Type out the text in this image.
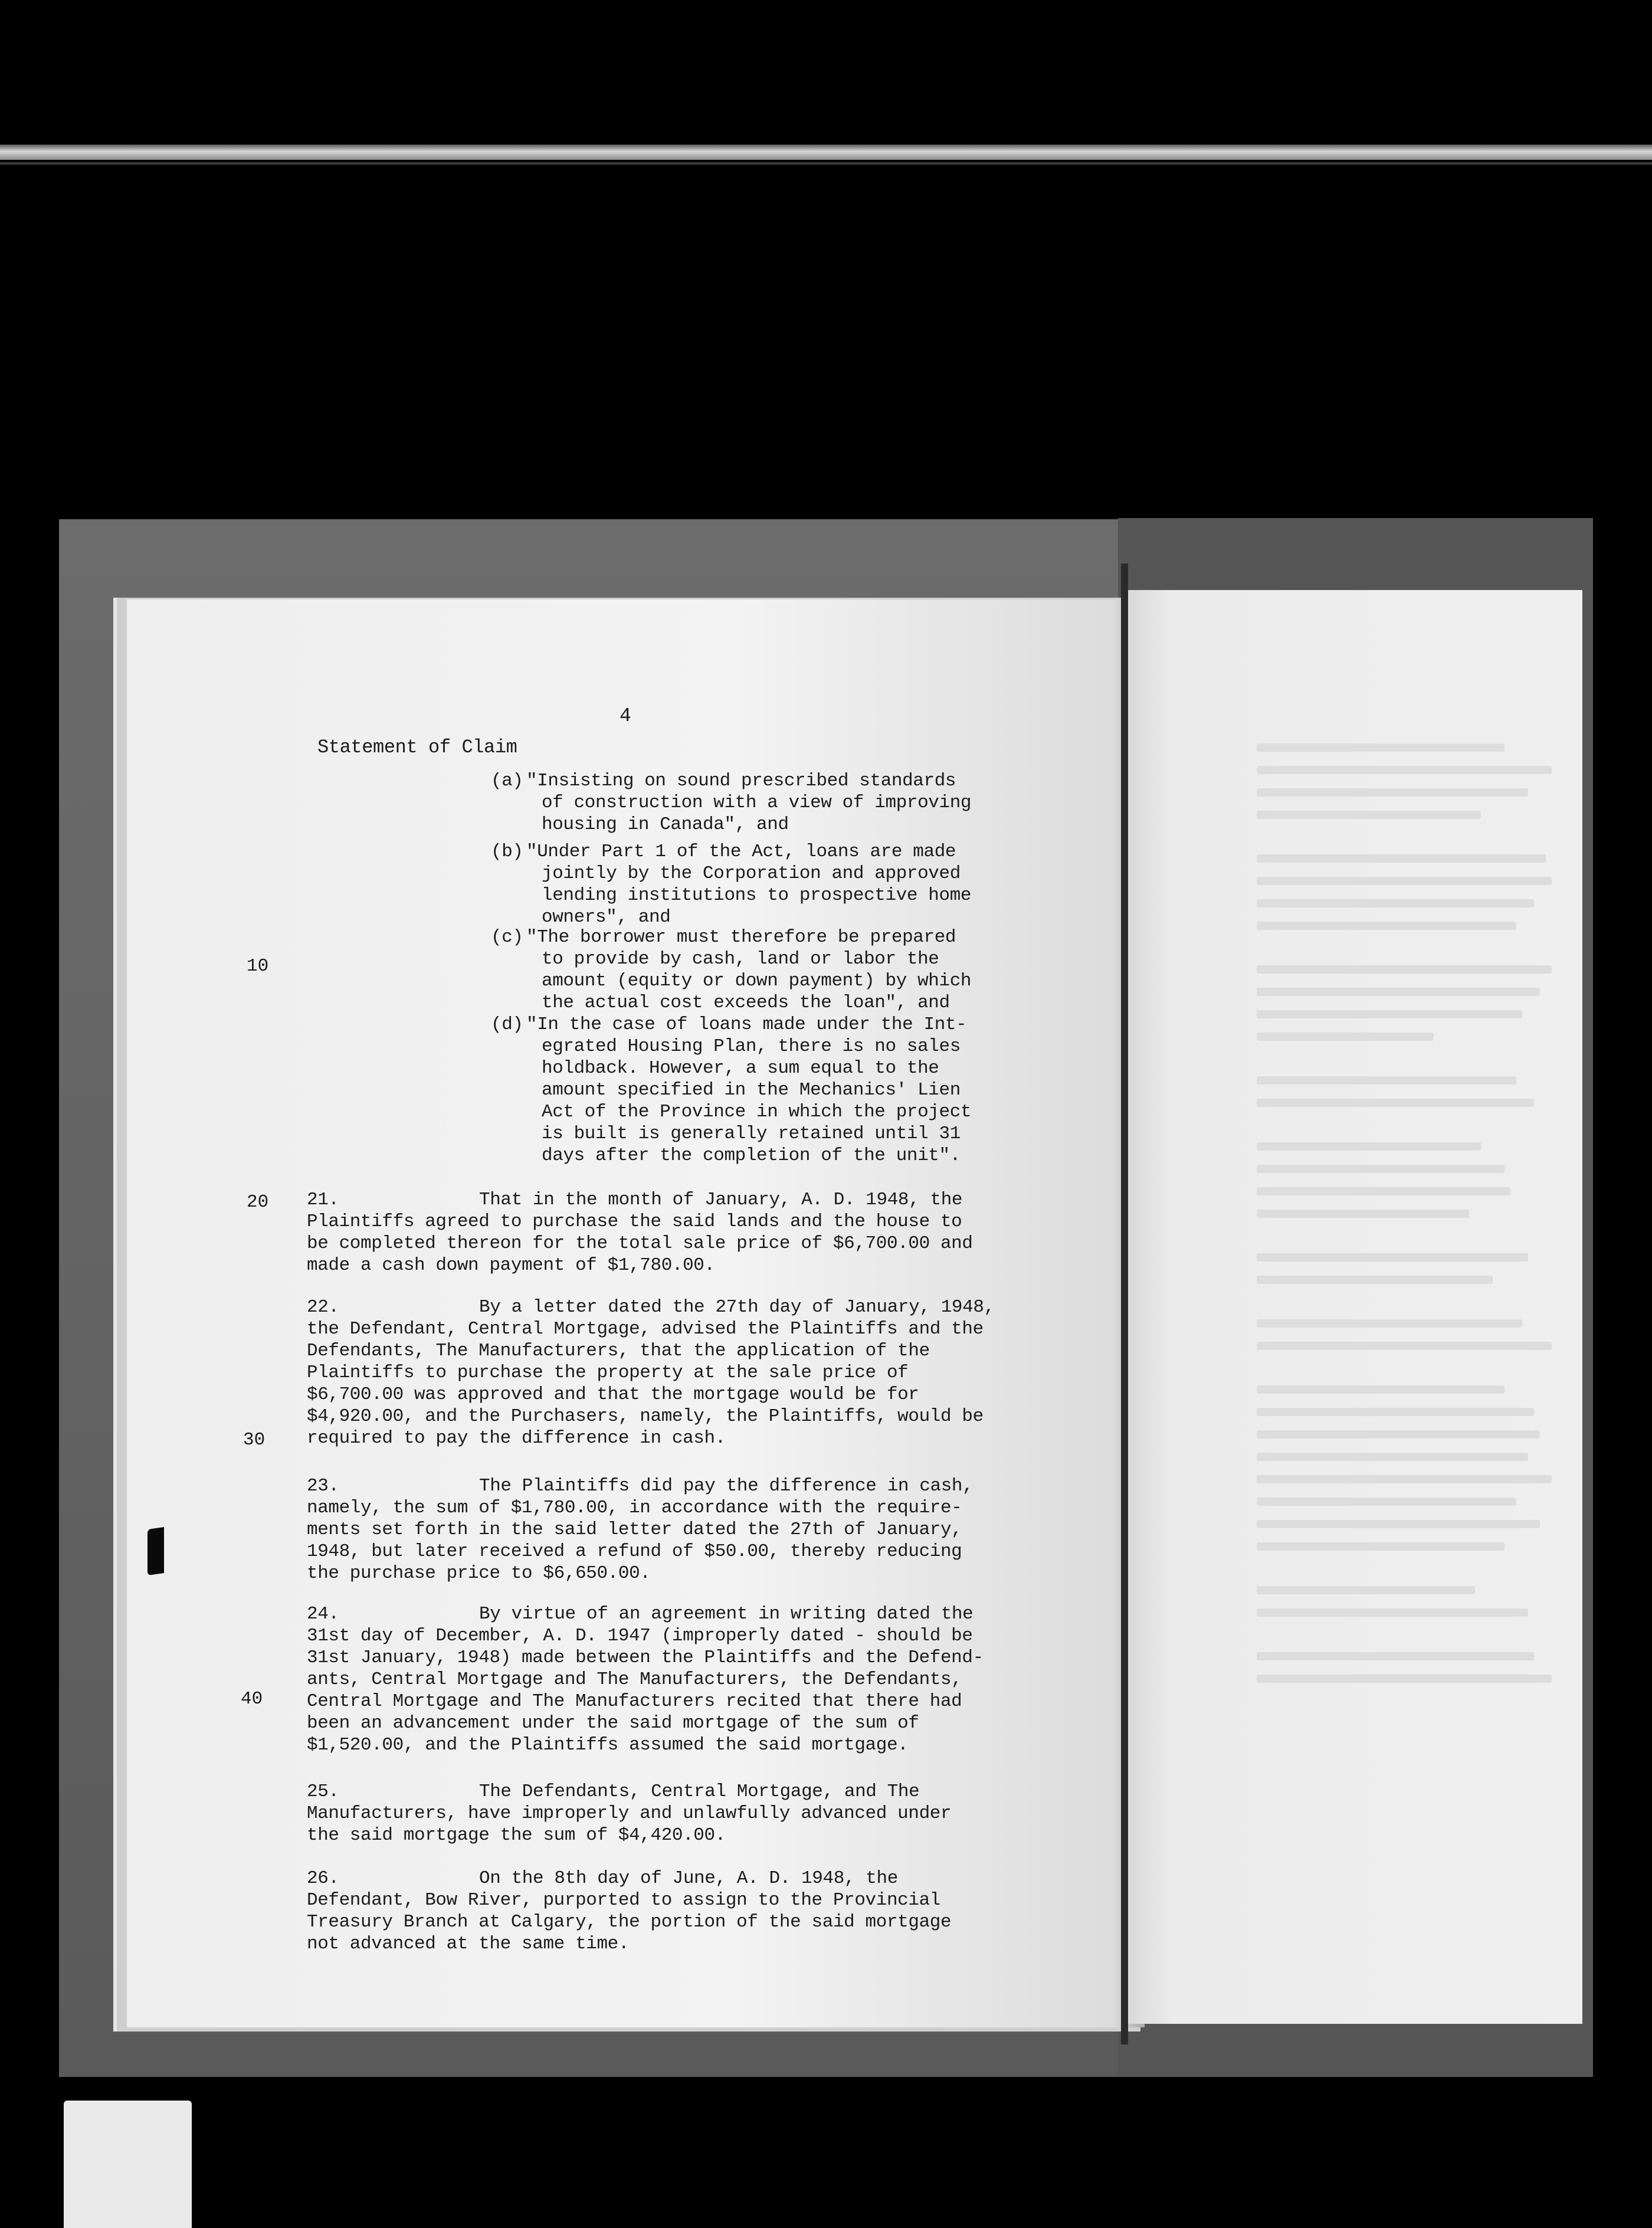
4
Statement of Claim
10
20
30
40
(a) "Insisting on sound prescribed standards
of construction with a view of improving
housing in Canada", and
(b) "Under Part 1 of the Act, loans are made
jointly by the Corporation and approved
lending institutions to prospective home
owners", and
(c) "The borrower must therefore be prepared
to provide by cash, land or labor the
amount (equity or down payment) by which
the actual cost exceeds the loan", and
(d) "In the case of loans made under the Int-
egrated Housing Plan, there is no sales
holdback. However, a sum equal to the
amount specified in the Mechanics' Lien
Act of the Province in which the project
is built is generally retained until 31
days after the completion of the unit".
21.	That in the month of January, A. D. 1948, the
Plaintiffs agreed to purchase the said lands and the house to
be completed thereon for the total sale price of $6,700.00 and
made a cash down payment of $1,780.00.
22.	By a letter dated the 27th day of January, 1948,
the Defendant, Central Mortgage, advised the Plaintiffs and the
Defendants, The Manufacturers, that the application of the
Plaintiffs to purchase the property at the sale price of
$6,700.00 was approved and that the mortgage would be for
$4,920.00, and the Purchasers, namely, the Plaintiffs, would be
required to pay the difference in cash.
23.	The Plaintiffs did pay the difference in cash,
namely, the sum of $1,780.00, in accordance with the require-
ments set forth in the said letter dated the 27th of January,
1948, but later received a refund of $50.00, thereby reducing
the purchase price to $6,650.00.
24.	By virtue of an agreement in writing dated the
31st day of December, A. D. 1947 (improperly dated - should be
31st January, 1948) made between the Plaintiffs and the Defend-
ants, Central Mortgage and The Manufacturers, the Defendants,
Central Mortgage and The Manufacturers recited that there had
been an advancement under the said mortgage of the sum of
$1,520.00, and the Plaintiffs assumed the said mortgage.
25.	The Defendants, Central Mortgage, and The
Manufacturers, have improperly and unlawfully advanced under
the said mortgage the sum of $4,420.00.
26.	On the 8th day of June, A. D. 1948, the
Defendant, Bow River, purported to assign to the Provincial
Treasury Branch at Calgary, the portion of the said mortgage
not advanced at the same time.
